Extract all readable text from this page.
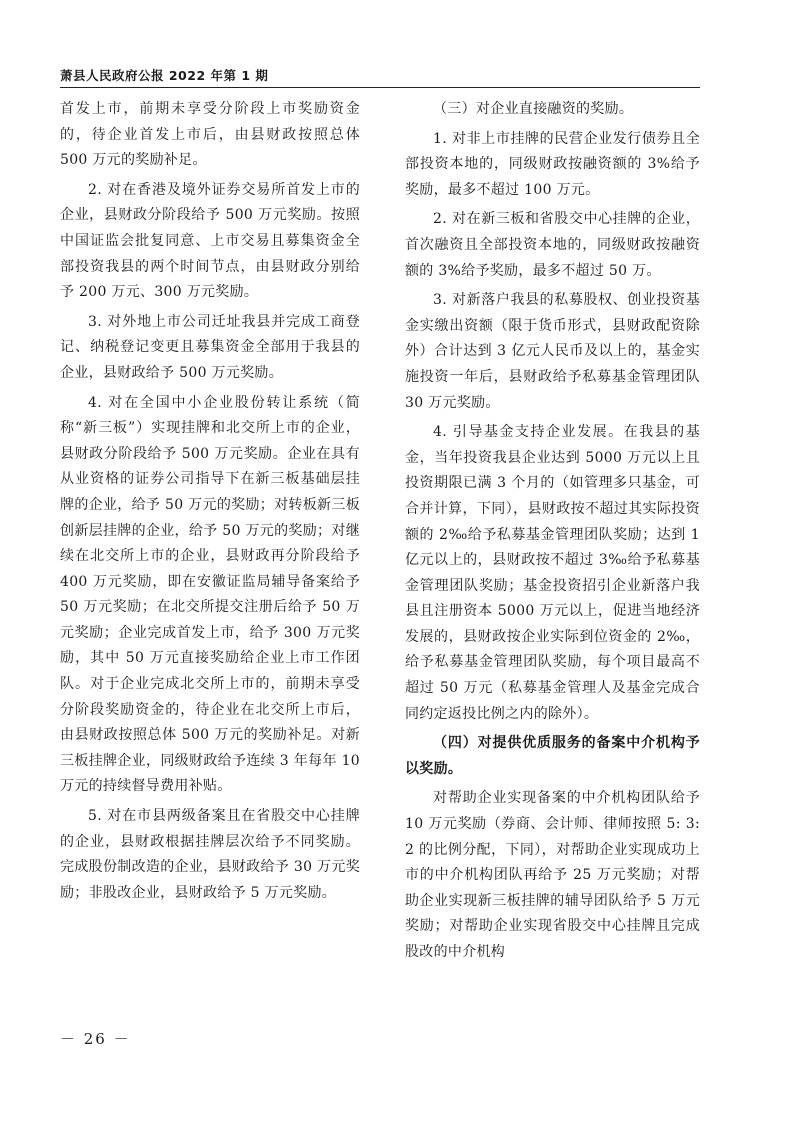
萧县人民政府公报 2022 年第 1 期

首发上市，前期未享受分阶段上市奖励资金的，待企业首发上市后，由县财政按照总体 500 万元的奖励补足。

2. 对在香港及境外证券交易所首发上市的企业，县财政分阶段给予 500 万元奖励。按照中国证监会批复同意、上市交易且募集资金全部投资我县的两个时间节点，由县财政分别给予 200 万元、300 万元奖励。

3. 对外地上市公司迁址我县并完成工商登记、纳税登记变更且募集资金全部用于我县的企业，县财政给予 500 万元奖励。

4. 对在全国中小企业股份转让系统（简称“新三板”）实现挂牌和北交所上市的企业，县财政分阶段给予 500 万元奖励。企业在具有从业资格的证券公司指导下在新三板基础层挂牌的企业，给予 50 万元的奖励；对转板新三板创新层挂牌的企业，给予 50 万元的奖励；对继续在北交所上市的企业，县财政再分阶段给予 400 万元奖励，即在安徽证监局辅导备案给予 50 万元奖励；在北交所提交注册后给予 50 万元奖励；企业完成首发上市，给予 300 万元奖励，其中 50 万元直接奖励给企业上市工作团队。对于企业完成北交所上市的，前期未享受分阶段奖励资金的，待企业在北交所上市后，由县财政按照总体 500 万元的奖励补足。对新三板挂牌企业，同级财政给予连续 3 年每年 10 万元的持续督导费用补贴。

5. 对在市县两级备案且在省股交中心挂牌的企业，县财政根据挂牌层次给予不同奖励。完成股份制改造的企业，县财政给予 30 万元奖励；非股改企业，县财政给予 5 万元奖励。

（三）对企业直接融资的奖励。

1. 对非上市挂牌的民营企业发行债券且全部投资本地的，同级财政按融资额的 3%给予奖励，最多不超过 100 万元。

2. 对在新三板和省股交中心挂牌的企业，首次融资且全部投资本地的，同级财政按融资额的 3%给予奖励，最多不超过 50 万。

3. 对新落户我县的私募股权、创业投资基金实缴出资额（限于货币形式，县财政配资除外）合计达到 3 亿元人民币及以上的，基金实施投资一年后，县财政给予私募基金管理团队 30 万元奖励。

4. 引导基金支持企业发展。在我县的基金，当年投资我县企业达到 5000 万元以上且投资期限已满 3 个月的（如管理多只基金，可合并计算，下同），县财政按不超过其实际投资额的 2‰给予私募基金管理团队奖励；达到 1 亿元以上的，县财政按不超过 3‰给予私募基金管理团队奖励；基金投资招引企业新落户我县且注册资本 5000 万元以上，促进当地经济发展的，县财政按企业实际到位资金的 2‰，给予私募基金管理团队奖励，每个项目最高不超过 50 万元（私募基金管理人及基金完成合同约定返投比例之内的除外）。

（四）对提供优质服务的备案中介机构予以奖励。

对帮助企业实现备案的中介机构团队给予 10 万元奖励（券商、会计师、律师按照 5: 3: 2 的比例分配，下同），对帮助企业实现成功上市的中介机构团队再给予 25 万元奖励；对帮助企业实现新三板挂牌的辅导团队给予 5 万元奖励；对帮助企业实现省股交中心挂牌且完成股改的中介机构

－ 26 －
